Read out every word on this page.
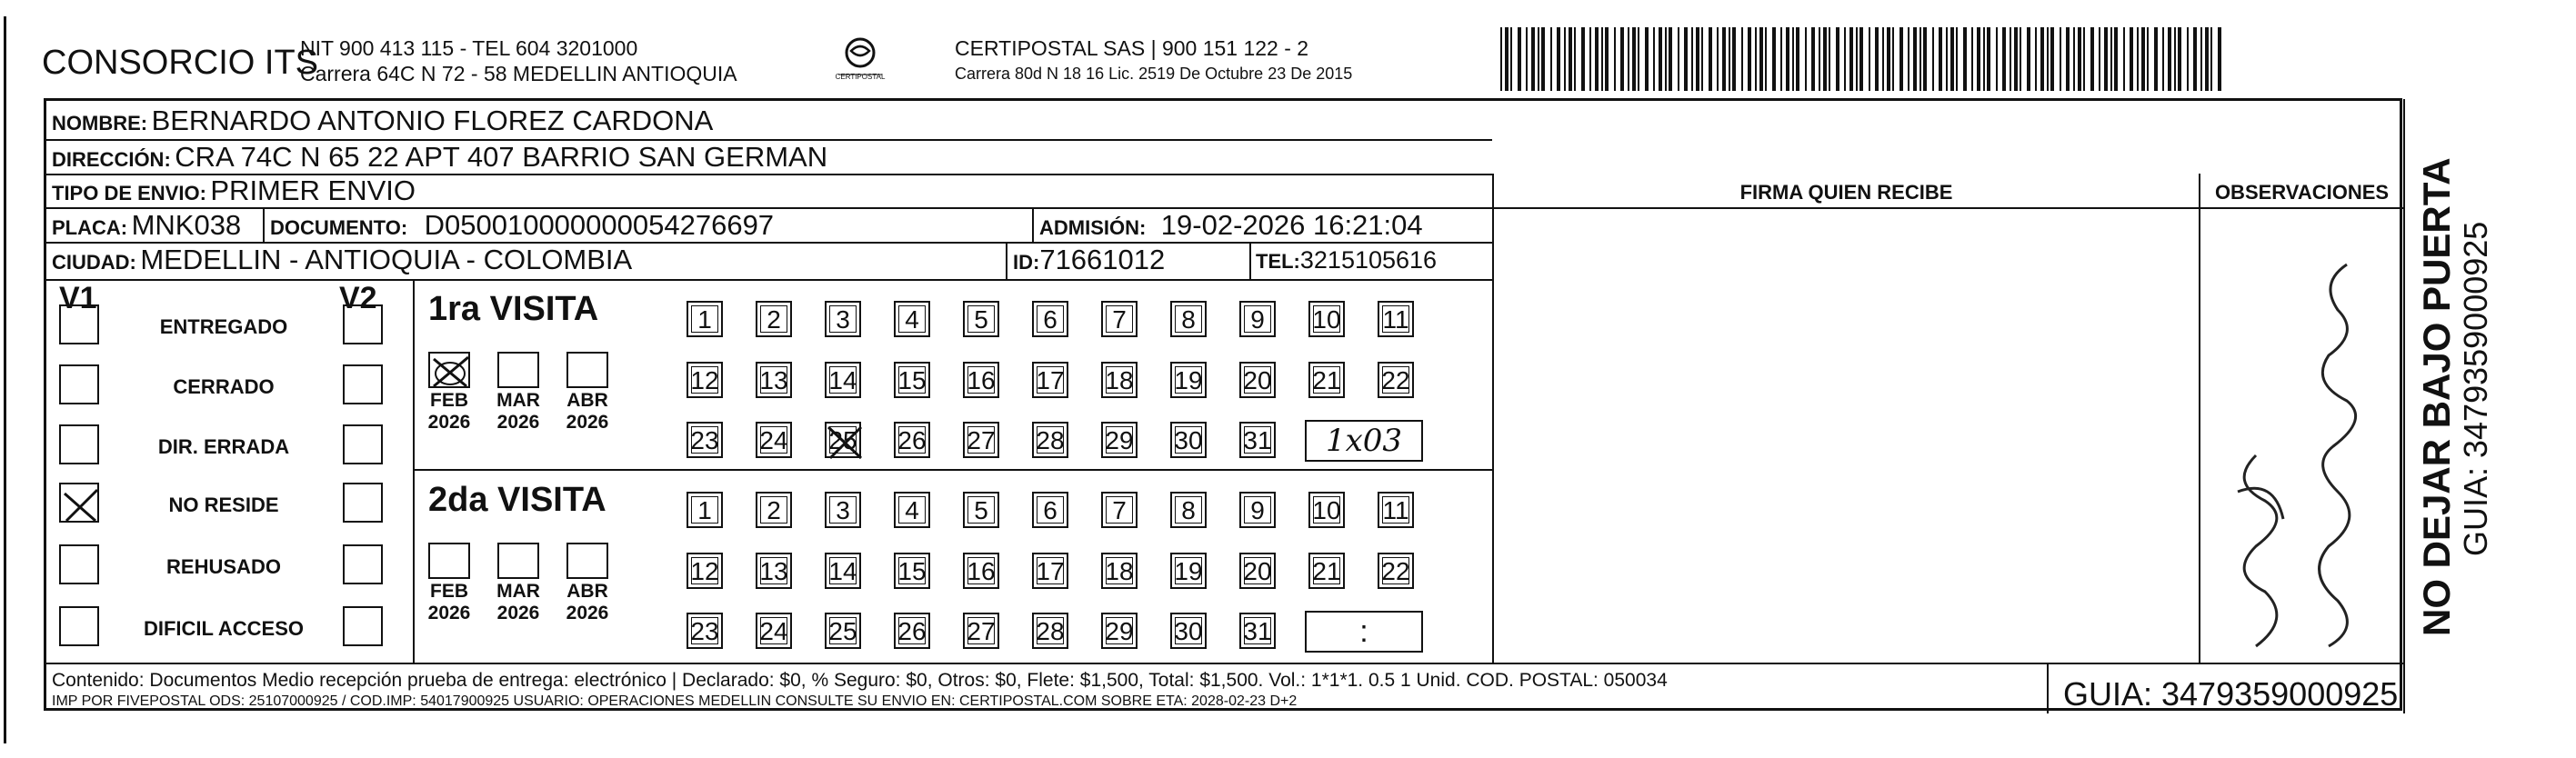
CONSORCIO ITS
NIT 900 413 115 - TEL 604 3201000
Carrera 64C N 72 - 58 MEDELLIN ANTIOQUIA	CERTIPOSTAL
CERTIPOSTAL SAS | 900 151 122 - 2
Carrera 80d N 18 16 Lic. 2519 De Octubre 23 De 2015
NOMBRE: BERNARDO ANTONIO FLOREZ CARDONA
DIRECCIÓN: CRA 74C N 65 22 APT 407 BARRIO SAN GERMAN
TIPO DE ENVIO: PRIMER ENVIO	FIRMA QUIEN RECIBE	OBSERVACIONES
PLACA: MNK038 DOCUMENTO: D050010000000054276697	ADMISIÓN: 19-02-2026 16:21:04
CIUDAD: MEDELLIN - ANTIOQUIA - COLOMBIA	ID:71661012	TEL:3215105616
V1	V2
ENTREGADO
CERRADO
DIR. ERRADA
NO RESIDE
REHUSADO
DIFICIL ACCESO
1ra VISITA
FEB
2026
MAR
2026
ABR
2026
1	2	3	4	5	6	7	8	9	10 11
12 13 14 15 16 17 18 19 20 21 22
23 24 25 26 27 28 29 30 31	1x03
2da VISITA
FEB
2026
MAR
2026
ABR
2026
1	2	3	4	5	6	7	8	9	10 11
12 13 14 15 16 17 18 19 20 21 22
23 24 25 26 27 28 29 30 31	:
Contenido: Documentos Medio recepción prueba de entrega: electrónico | Declarado: $0, % Seguro: $0, Otros: $0, Flete: $1,500, Total: $1,500. Vol.: 1*1*1. 0.5 1 Unid. COD. POSTAL: 050034
IMP POR FIVEPOSTAL ODS: 25107000925 / COD.IMP: 54017900925 USUARIO: OPERACIONES MEDELLIN CONSULTE SU ENVIO EN: CERTIPOSTAL.COM SOBRE ETA: 2028-02-23 D+2	GUIA: 3479359000925
NO DEJAR BAJO PUERTA GUIA: 3479359000925
